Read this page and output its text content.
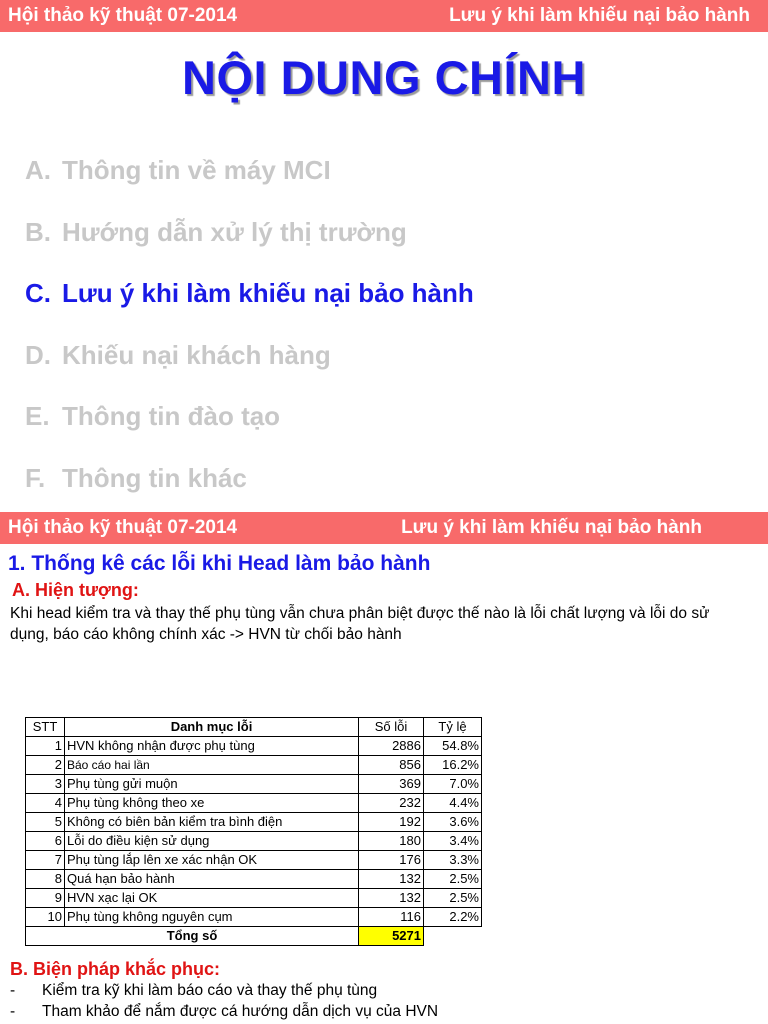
Hội thảo kỹ thuật 07-2014	Lưu ý khi làm khiếu nại bảo hành
NỘI DUNG CHÍNH
A. Thông tin về máy MCI
B. Hướng dẫn xử lý thị trường
C. Lưu ý khi làm khiếu nại bảo hành
D. Khiếu nại khách hàng
E. Thông tin đào tạo
F. Thông tin khác
Hội thảo kỹ thuật 07-2014	Lưu ý khi làm khiếu nại bảo hành
1. Thống kê các lỗi khi Head làm bảo hành
A. Hiện tượng:
Khi head kiểm tra và thay thế phụ tùng vẫn chưa phân biệt được thế nào là lỗi chất lượng và lỗi do sử dụng, báo cáo không chính xác -> HVN từ chối bảo hành
STT	Danh mục lỗi	Số lỗi	Tỷ lệ
1	HVN không nhận được phụ tùng	2886	54.8%
2	Báo cáo hai lần	856	16.2%
3	Phụ tùng gửi muộn	369	7.0%
4	Phụ tùng không theo xe	232	4.4%
5	Không có biên bản kiểm tra bình điện	192	3.6%
6	Lỗi do điều kiện sử dụng	180	3.4%
7	Phụ tùng lắp lên xe xác nhận OK	176	3.3%
8	Quá hạn bảo hành	132	2.5%
9	HVN xạc lại OK	132	2.5%
10	Phụ tùng không nguyên cụm	116	2.2%
Tổng số		5271	
B. Biện pháp khắc phục:
-	Kiểm tra kỹ khi làm báo cáo và thay thế phụ tùng
-	Tham khảo để nắm được cá hướng dẫn dịch vụ của HVN
